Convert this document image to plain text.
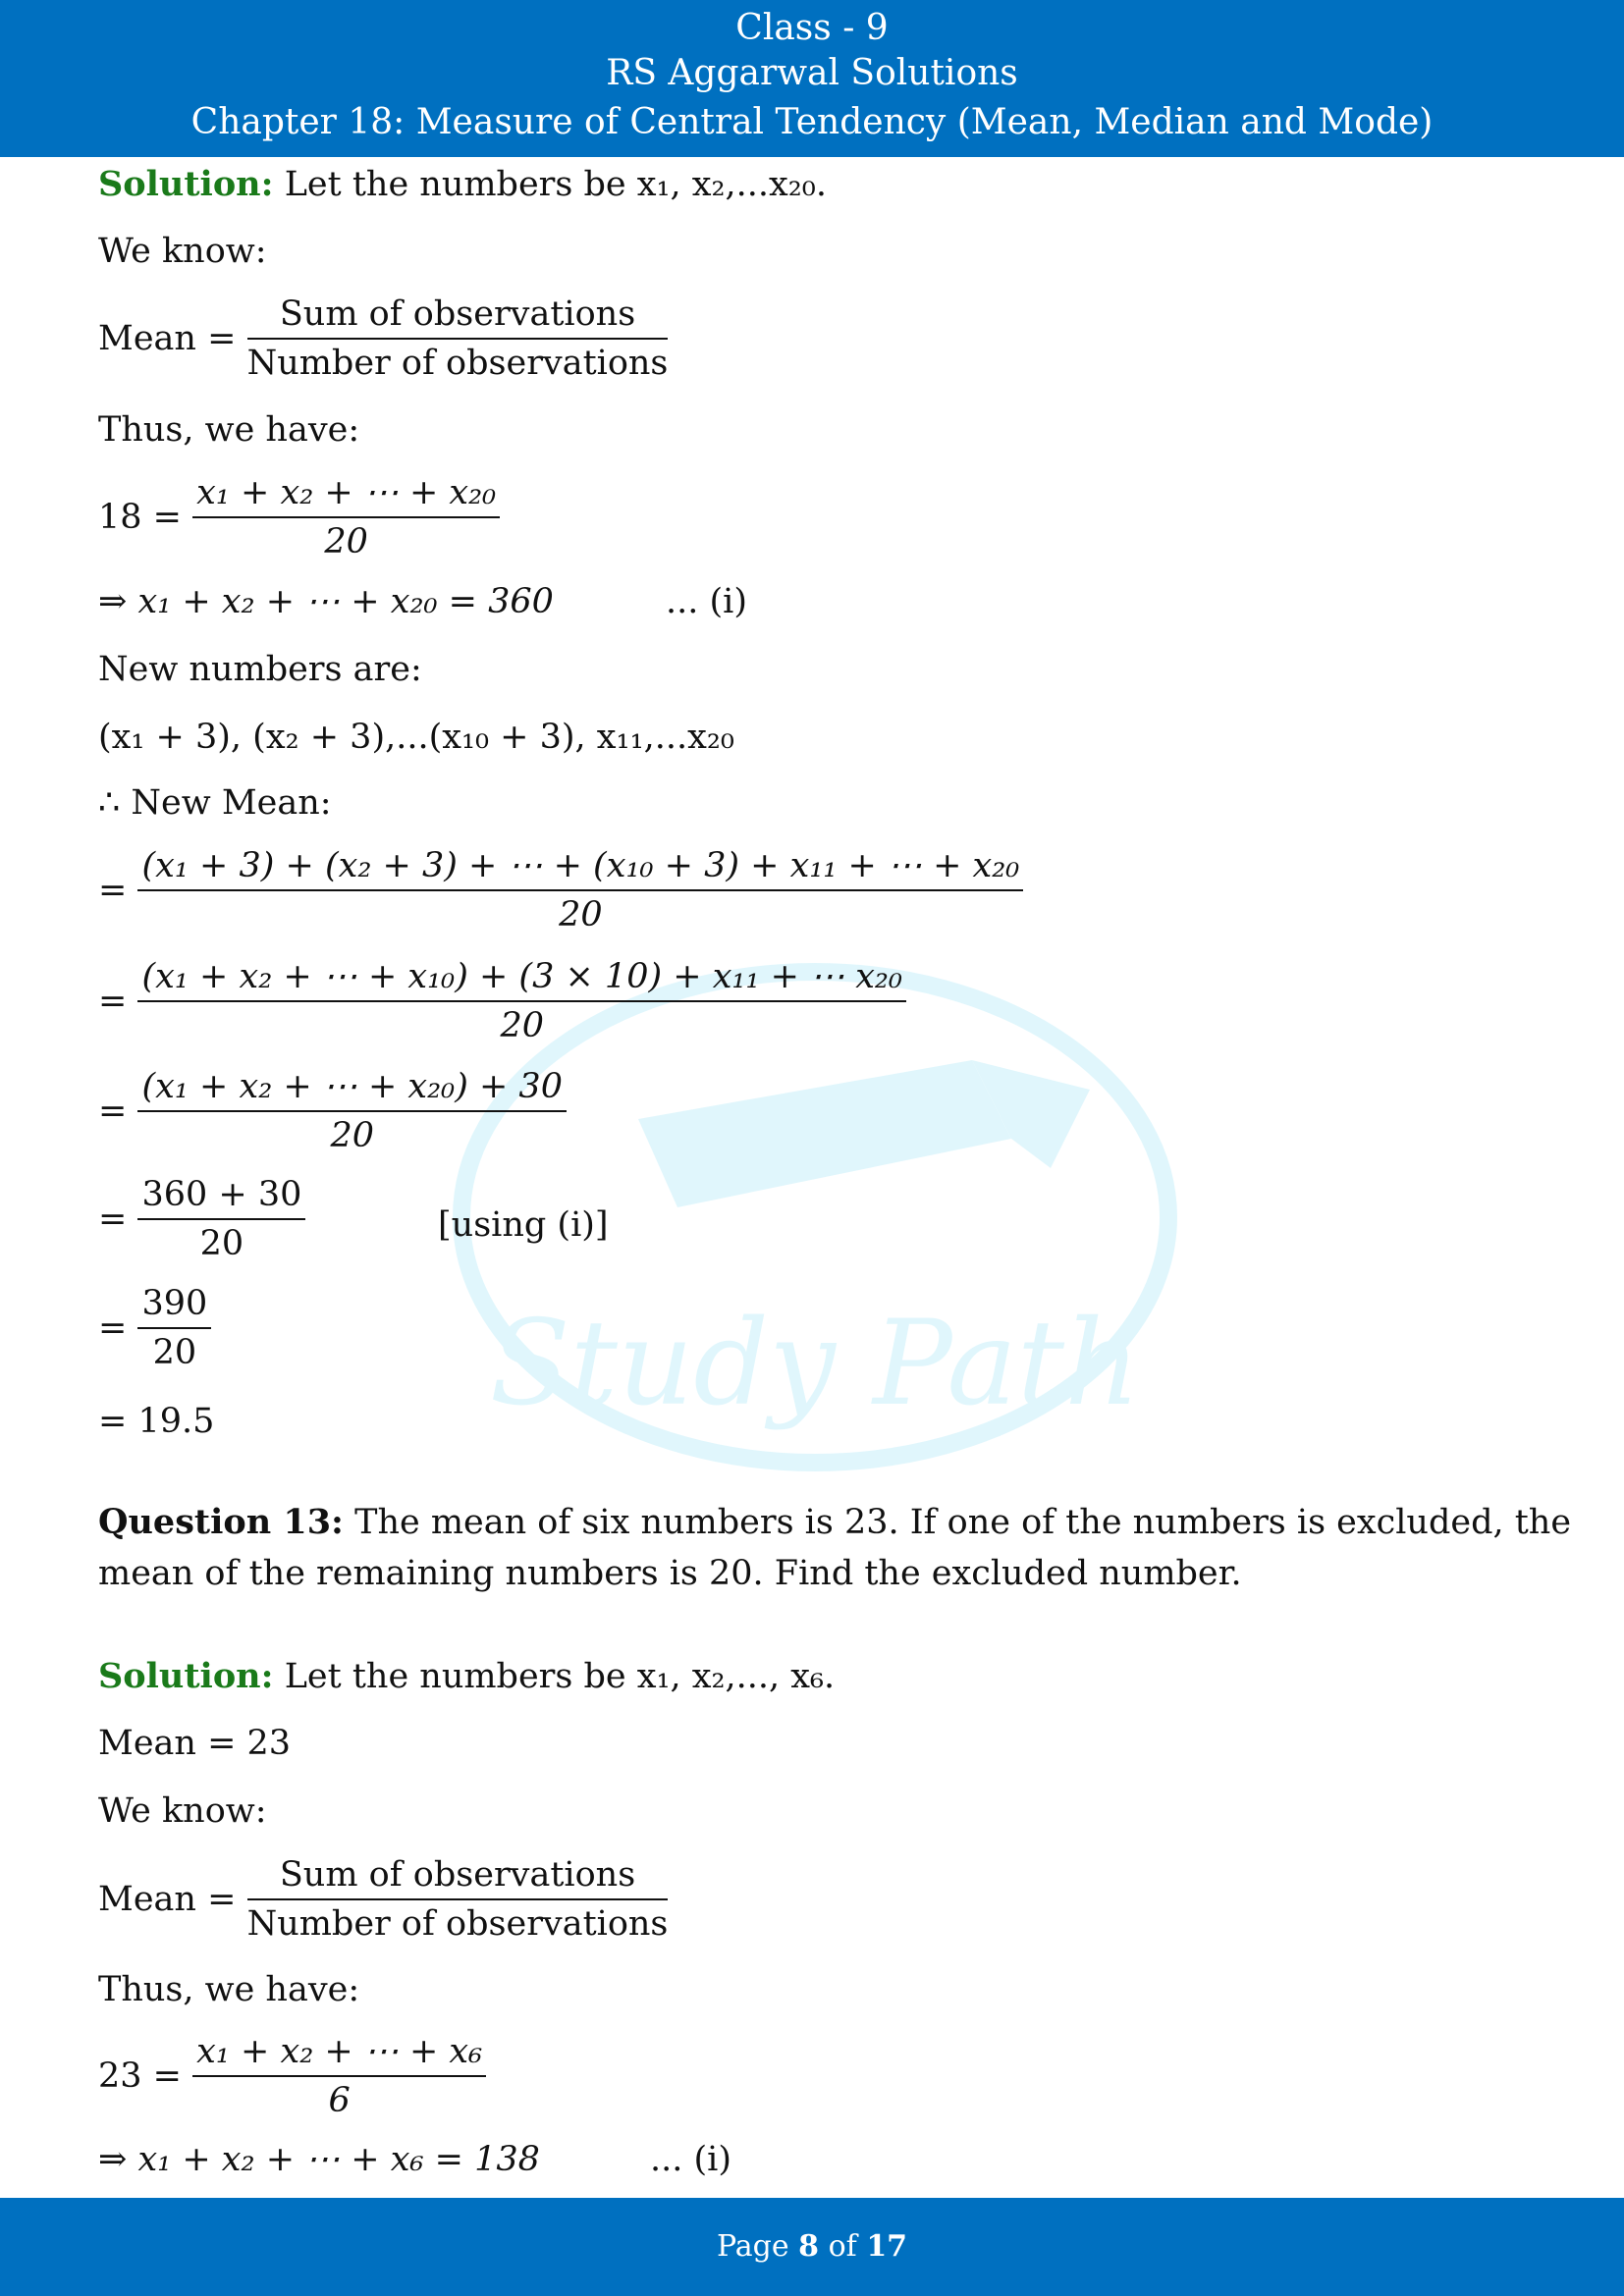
Class - 9
RS Aggarwal Solutions
Chapter 18: Measure of Central Tendency (Mean, Median and Mode)
Study Path
Solution: Let the numbers be x₁, x₂,...x₂₀.
We know:
Mean = $\frac{\text{Sum of observations}}{\text{Number of observations}}$
Thus, we have:
$18 = \frac{\text{x₁ + x₂ + ⋯ + x₂₀}}{20}$
⇒ x₁ + x₂ + ⋯ + x₂₀ = 360	... (i)
New numbers are:
(x₁ + 3), (x₂ + 3),...(x₁₀ + 3), x₁₁,...x₂₀
∴ New Mean:
= $\frac{\text{(x₁ + 3) + (x₂ + 3) + ⋯ + (x₁₀ + 3) + x₁₁ + ⋯ + x₂₀}}{20}$
= $\frac{\text{(x₁ + x₂ + ⋯ + x₁₀) + (3 × 10) + x₁₁ + ⋯ x₂₀}}{20}$
= $\frac{\text{(x₁ + x₂ + ⋯ + x₂₀) + 30}}{20}$
= $\frac{360 + 30}{20}$	[using (i)]
= $\frac{390}{20}$
= 19.5
Question 13: The mean of six numbers is 23. If one of the numbers is excluded, the
mean of the remaining numbers is 20. Find the excluded number.
Solution: Let the numbers be x₁, x₂,..., x₆.
Mean = 23
We know:
Mean = $\frac{\text{Sum of observations}}{\text{Number of observations}}$
Thus, we have:
$23 = \frac{\text{x₁ + x₂ + ⋯ + x₆}}{6}$
⇒ x₁ + x₂ + ⋯ + x₆ = 138	... (i)
Page 8 of 17
